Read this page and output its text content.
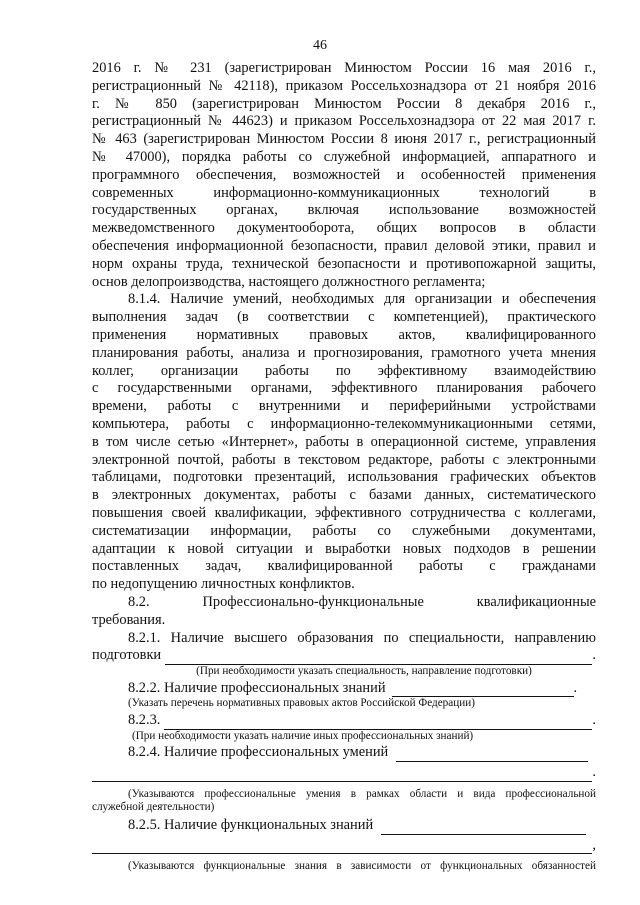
46

2016 г. № 231 (зарегистрирован Минюстом России 16 мая 2016 г.,

регистрационный № 42118), приказом Россельхознадзора от 21 ноября 2016

г. № 850 (зарегистрирован Минюстом России 8 декабря 2016 г.,

регистрационный № 44623) и приказом Россельхознадзора от 22 мая 2017 г.

№ 463 (зарегистрирован Минюстом России 8 июня 2017 г., регистрационный

№ 47000), порядка работы со служебной информацией, аппаратного и

программного обеспечения, возможностей и особенностей применения

современных информационно-коммуникационных технологий в

государственных органах, включая использование возможностей

межведомственного документооборота, общих вопросов в области

обеспечения информационной безопасности, правил деловой этики, правил и

норм охраны труда, технической безопасности и противопожарной защиты,

основ делопроизводства, настоящего должностного регламента;

8.1.4. Наличие умений, необходимых для организации и обеспечения

выполнения задач (в соответствии с компетенцией), практического

применения нормативных правовых актов, квалифицированного

планирования работы, анализа и прогнозирования, грамотного учета мнения

коллег, организации работы по эффективному взаимодействию

с государственными органами, эффективного планирования рабочего

времени, работы с внутренними и периферийными устройствами

компьютера, работы с информационно-телекоммуникационными сетями,

в том числе сетью «Интернет», работы в операционной системе, управления

электронной почтой, работы в текстовом редакторе, работы с электронными

таблицами, подготовки презентаций, использования графических объектов

в электронных документах, работы с базами данных, систематического

повышения своей квалификации, эффективного сотрудничества с коллегами,

систематизации информации, работы со служебными документами,

адаптации к новой ситуации и выработки новых подходов в решении

поставленных задач, квалифицированной работы с гражданами

по недопущению личностных конфликтов.

8.2. Профессионально-функциональные квалификационные

требования.

8.2.1. Наличие высшего образования по специальности, направлению

подготовки	.

(При необходимости указать специальность, направление подготовки)

8.2.2. Наличие профессиональных знаний	.

(Указать перечень нормативных правовых актов Российской Федерации)

8.2.3.	.

(При необходимости указать наличие иных профессиональных знаний)

8.2.4. Наличие профессиональных умений
.

(Указываются профессиональные умения в рамках области и вида профессиональной

служебной деятельности)

8.2.5. Наличие функциональных знаний
,

(Указываются функциональные знания в зависимости от функциональных обязанностей
